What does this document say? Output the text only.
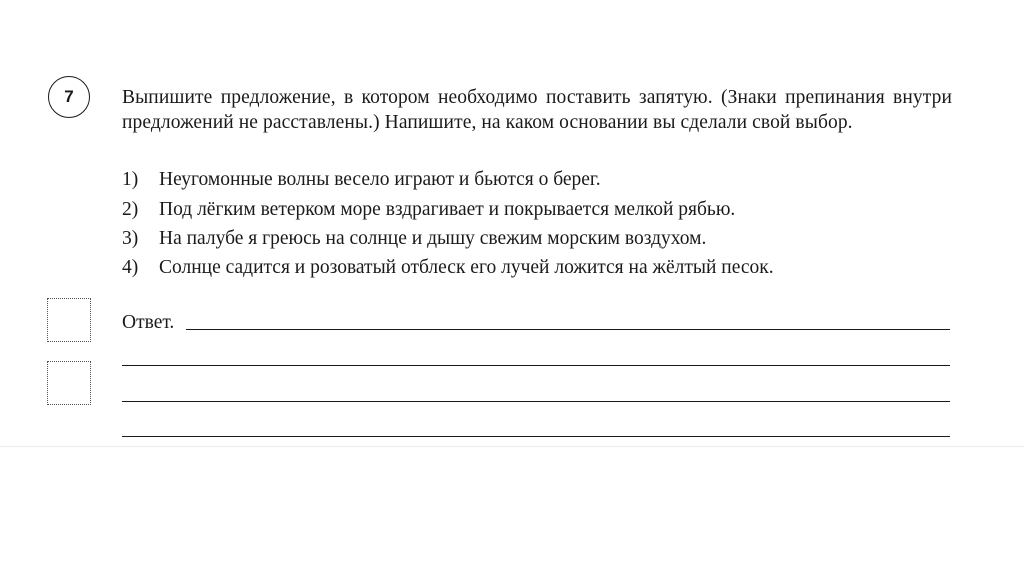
7	Выпишите предложение, в котором необходимо поставить запятую. (Знаки препинания внутри предложений не расставлены.) Напишите, на каком основании вы сделали свой выбор.
1) Неугомонные волны весело играют и бьются о берег.
2) Под лёгким ветерком море вздрагивает и покрывается мелкой рябью.
3) На палубе я греюсь на солнце и дышу свежим морским воздухом.
4) Солнце садится и розоватый отблеск его лучей ложится на жёлтый песок.
Ответ.
